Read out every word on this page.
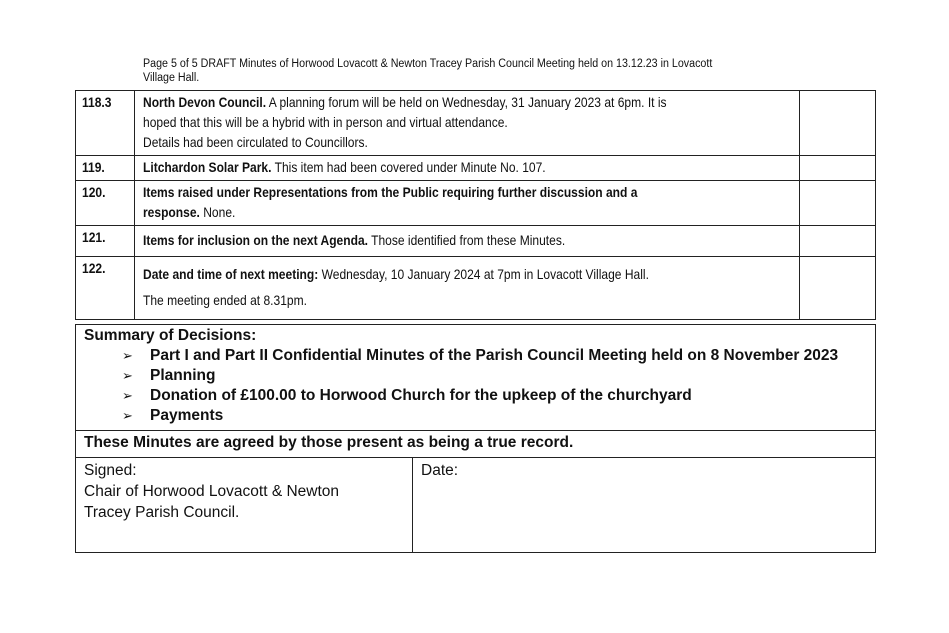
Page 5 of 5 DRAFT Minutes of Horwood Lovacott & Newton Tracey Parish Council Meeting held on 13.12.23 in Lovacott
Village Hall.
118.3	North Devon Council. A planning forum will be held on Wednesday, 31 January 2023 at 6pm. It is
hoped that this will be a hybrid with in person and virtual attendance.
Details had been circulated to Councillors.	

119.	Litchardon Solar Park. This item had been covered under Minute No. 107.	

120.	Items raised under Representations from the Public requiring further discussion and a
response. None.	

121.	Items for inclusion on the next Agenda. Those identified from these Minutes.	

122.	Date and time of next meeting: Wednesday, 10 January 2024 at 7pm in Lovacott Village Hall.
The meeting ended at 8.31pm.	

Summary of Decisions:
➢ Part I and Part II Confidential Minutes of the Parish Council Meeting held on 8 November 2023
➢ Planning
➢ Donation of £100.00 to Horwood Church for the upkeep of the churchyard
➢ Payments

These Minutes are agreed by those present as being a true record.

Signed:
Chair of Horwood Lovacott & Newton
Tracey Parish Council.

Date:
